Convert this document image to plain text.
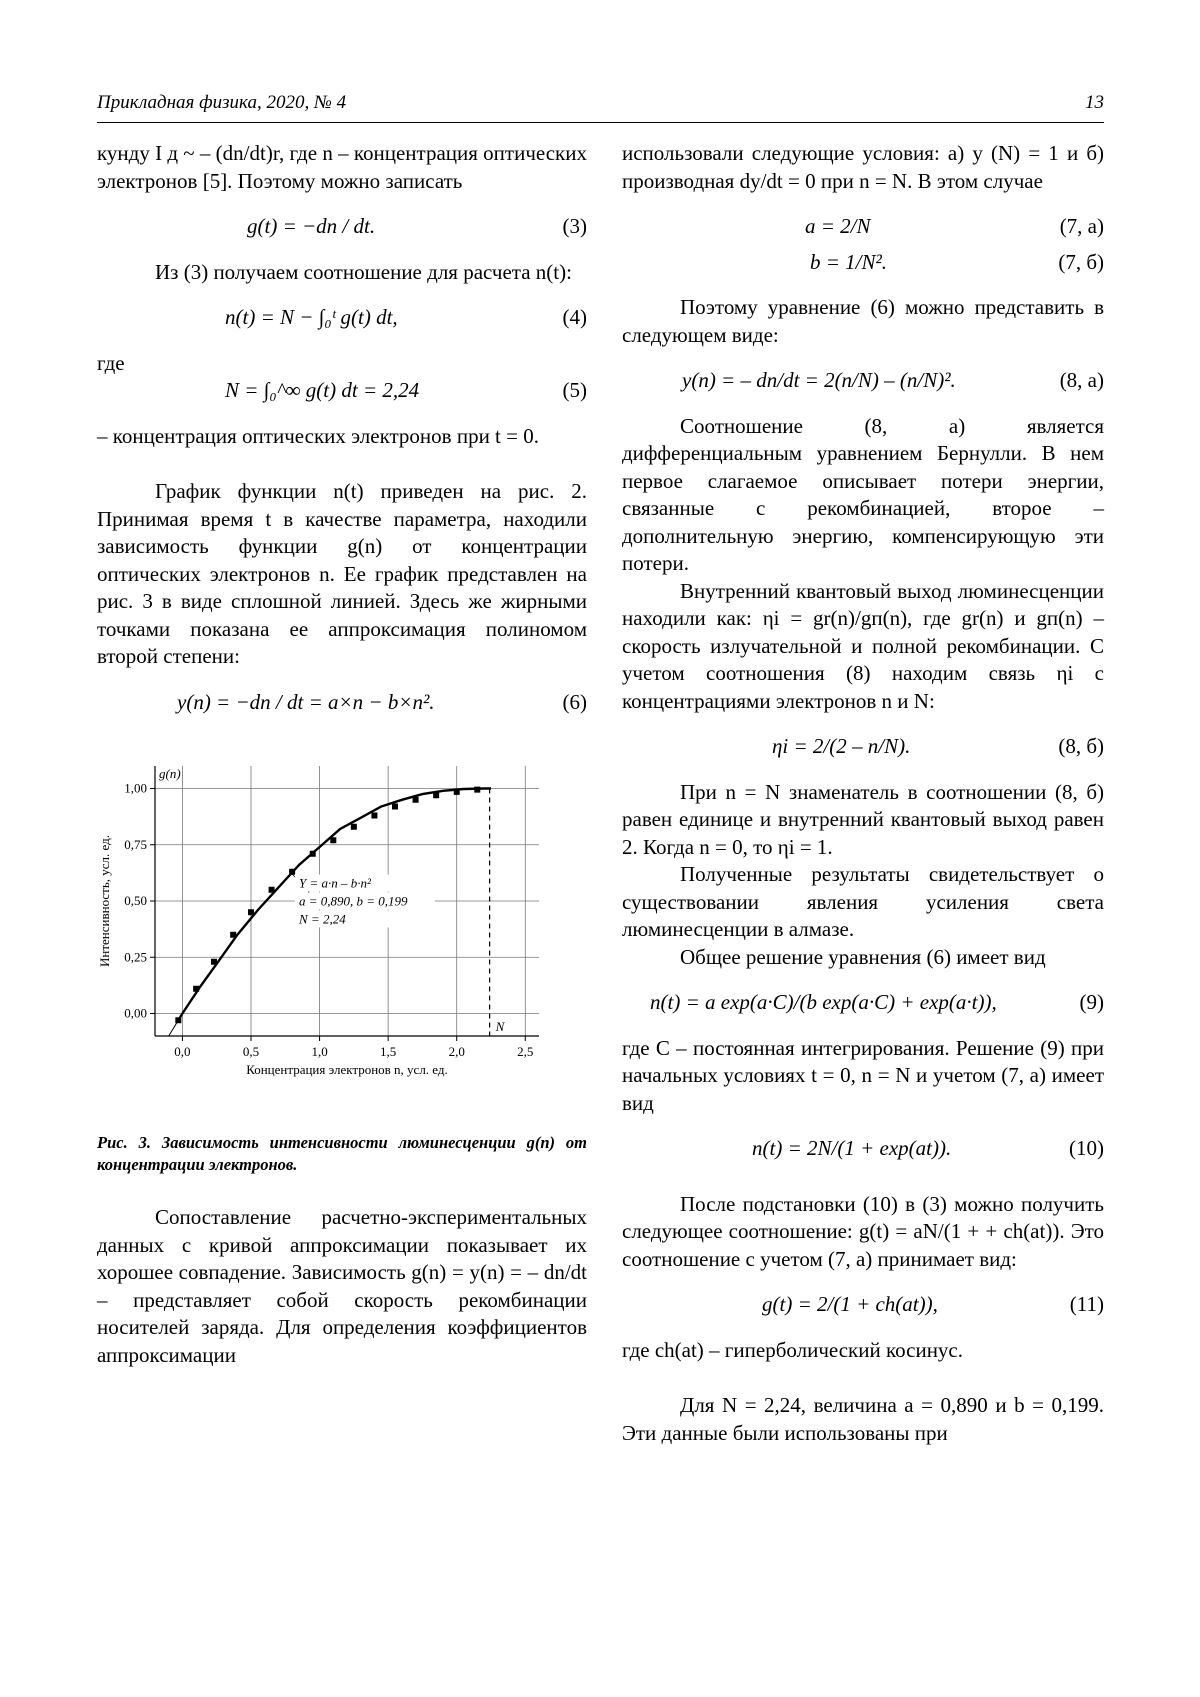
Прикладная физика, 2020, № 4	13

кунду I д ~ – (dn/dt)r, где n – концентрация оптических электронов [5]. Поэтому можно записать

g(t) = −dn / dt.	(3)

Из (3) получаем соотношение для расчета n(t):

n(t) = N − ∫₀ᵗ g(t) dt,	(4)

где

N = ∫₀^∞ g(t) dt = 2,24	(5)

– концентрация оптических электронов при t = 0.

График функции n(t) приведен на рис. 2. Принимая время t в качестве параметра, находили зависимость функции g(n) от концентрации оптических электронов n. Ее график представлен на рис. 3 в виде сплошной линией. Здесь же жирными точками показана ее аппроксимация полиномом второй степени:

y(n) = −dn / dt = a×n − b×n².	(6)
0,0	0,5	1,0	1,5	2,0	2,5
0,00
0,25
0,50
0,75
1,00
Концентрация электронов n, усл. ед.
Интенсивность, усл. ед.
g(n)
N
Y = a·n – b·n²
a = 0,890, b = 0,199
N = 2,24

Рис. 3. Зависимость интенсивности люминесценции g(n) от концентрации электронов.

Сопоставление расчетно-экспериментальных данных с кривой аппроксимации показывает их хорошее совпадение. Зависимость g(n) = y(n) = – dn/dt – представляет собой скорость рекомбинации носителей заряда. Для определения коэффициентов аппроксимации

использовали следующие условия: а) y (N) = 1 и б) производная dy/dt = 0 при n = N. В этом случае

a = 2/N	(7, а)
b = 1/N².	(7, б)

Поэтому уравнение (6) можно представить в следующем виде:

y(n) = – dn/dt = 2(n/N) – (n/N)².	(8, а)

Соотношение (8, а) является дифференциальным уравнением Бернулли. В нем первое слагаемое описывает потери энергии, связанные с рекомбинацией, второе – дополнительную энергию, компенсирующую эти потери.

Внутренний квантовый выход люминесценции находили как: ηi = gr(n)/gп(n), где gr(n) и gп(n) – скорость излучательной и полной рекомбинации. С учетом соотношения (8) находим связь ηi с концентрациями электронов n и N:

ηi = 2/(2 – n/N).	(8, б)

При n = N знаменатель в соотношении (8, б) равен единице и внутренний квантовый выход равен 2. Когда n = 0, то ηi = 1.

Полученные результаты свидетельствует о существовании явления усиления света люминесценции в алмазе.

Общее решение уравнения (6) имеет вид

n(t) = a exp(a·C)/(b exp(a·C) + exp(a·t)),	(9)

где C – постоянная интегрирования. Решение (9) при начальных условиях t = 0, n = N и учетом (7, а) имеет вид

n(t) = 2N/(1 + exp(at)).	(10)

После подстановки (10) в (3) можно получить следующее соотношение: g(t) = aN/(1 + + ch(at)). Это соотношение с учетом (7, а) принимает вид:

g(t) = 2/(1 + ch(at)),	(11)

где ch(at) – гиперболический косинус.

Для N = 2,24, величина a = 0,890 и b = 0,199. Эти данные были использованы при
